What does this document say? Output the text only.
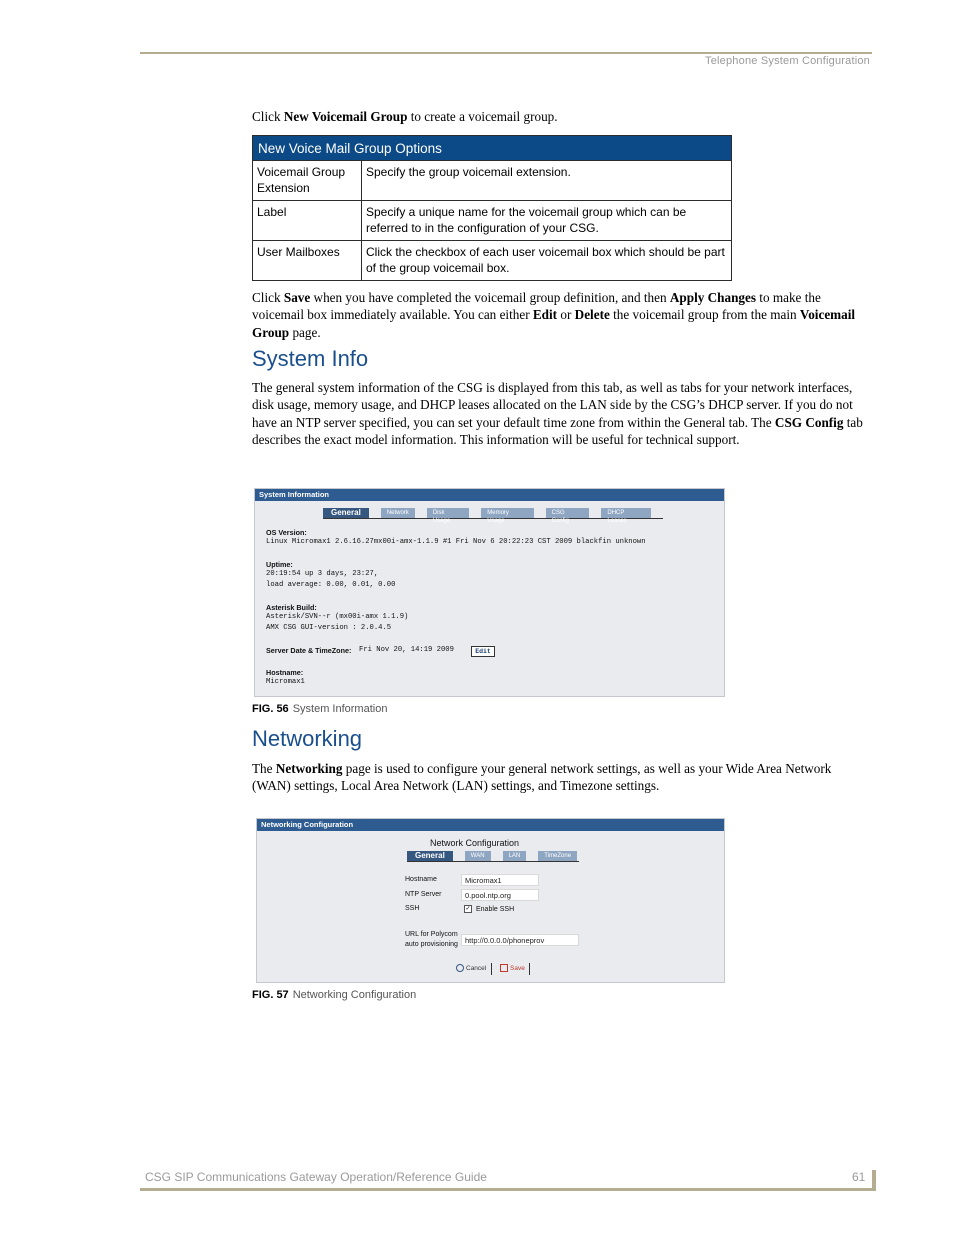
Telephone System Configuration
Click New Voicemail Group to create a voicemail group.
New Voice Mail Group Options	
Voicemail Group Extension	Specify the group voicemail extension.
Label	Specify a unique name for the voicemail group which can be referred to in the configuration of your CSG.
User Mailboxes	Click the checkbox of each user voicemail box which should be part of the group voicemail box.
Click Save when you have completed the voicemail group definition, and then Apply Changes to make the voicemail box immediately available. You can either Edit or Delete the voicemail group from the main Voicemail Group page.
System Info
The general system information of the CSG is displayed from this tab, as well as tabs for your network interfaces, disk usage, memory usage, and DHCP leases allocated on the LAN side by the CSG’s DHCP server. If you do not have an NTP server specified, you can set your default time zone from within the General tab. The CSG Config tab describes the exact model information. This information will be useful for technical support.
System Information
General	Network	Disk Usage
Memory Usage
CSG Config
DHCP Leases
OS Version:
Linux Micromax1 2.6.16.27mx00i-amx-1.1.9 #1 Fri Nov 6 20:22:23 CST 2009 blackfin unknown
Uptime:
20:19:54 up 3 days, 23:27,
load average: 0.00, 0.01, 0.00
Asterisk Build:
Asterisk/SVN--r (mx00i-amx 1.1.9)
AMX CSG GUI-version : 2.0.4.5
Server Date & TimeZone: Fri Nov 20, 14:19 2009	Edit
Hostname:
Micromax1
FIG. 56 System Information
Networking
The Networking page is used to configure your general network settings, as well as your Wide Area Network (WAN) settings, Local Area Network (LAN) settings, and Timezone settings.
Networking Configuration
Network Configuration
General	WAN	LAN	TimeZone
Hostname	Micromax1
NTP Server	0.pool.ntp.org
SSH	✓ Enable SSH
URL for Polycom
auto provisioning http://0.0.0.0/phoneprov
Cancel	Save
FIG. 57 Networking Configuration
CSG SIP Communications Gateway Operation/Reference Guide	61
